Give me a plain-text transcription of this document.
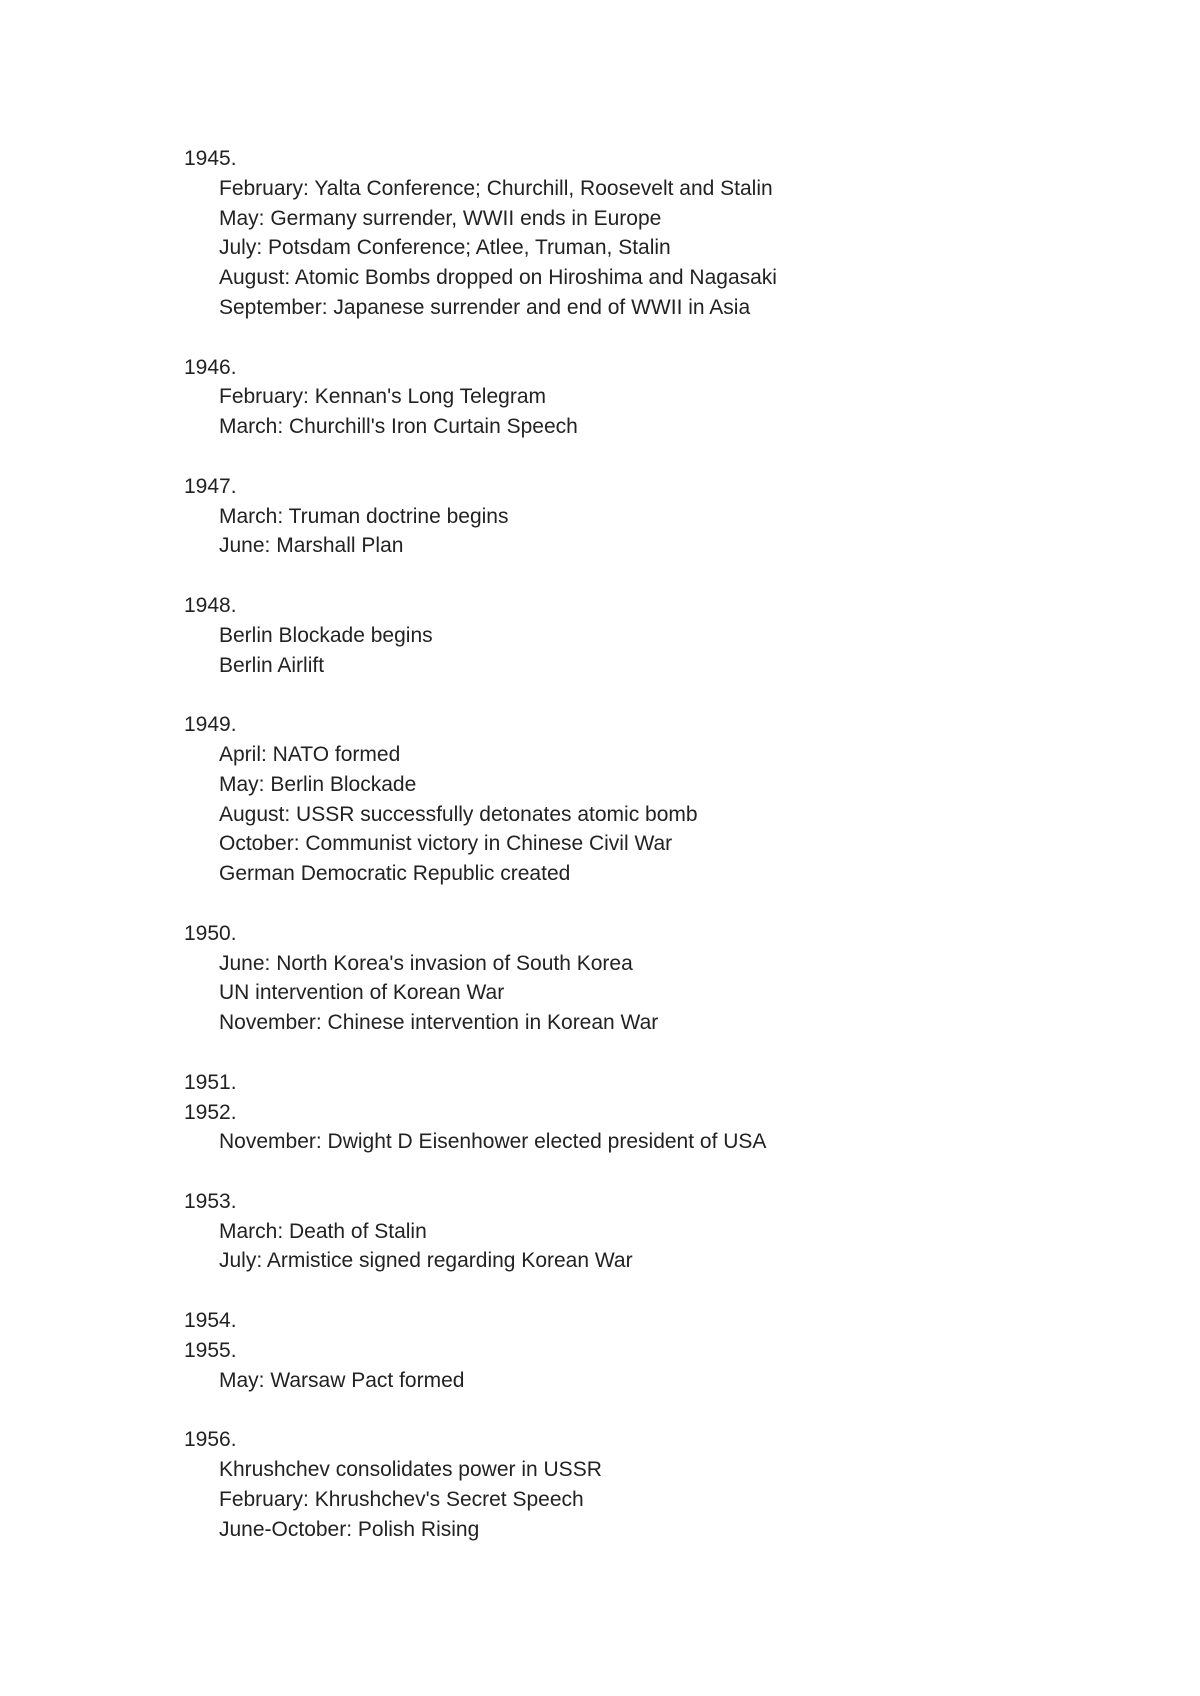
1945.
February: Yalta Conference; Churchill, Roosevelt and Stalin
May: Germany surrender, WWII ends in Europe
July: Potsdam Conference; Atlee, Truman, Stalin
August: Atomic Bombs dropped on Hiroshima and Nagasaki
September: Japanese surrender and end of WWII in Asia
1946.
February: Kennan's Long Telegram
March: Churchill's Iron Curtain Speech
1947.
March: Truman doctrine begins
June: Marshall Plan
1948.
Berlin Blockade begins
Berlin Airlift
1949.
April: NATO formed
May: Berlin Blockade
August: USSR successfully detonates atomic bomb
October: Communist victory in Chinese Civil War
German Democratic Republic created
1950.
June: North Korea's invasion of South Korea
UN intervention of Korean War
November: Chinese intervention in Korean War
1951.
1952.
November: Dwight D Eisenhower elected president of USA
1953.
March: Death of Stalin
July: Armistice signed regarding Korean War
1954.
1955.
May: Warsaw Pact formed
1956.
Khrushchev consolidates power in USSR
February: Khrushchev's Secret Speech
June-October: Polish Rising
